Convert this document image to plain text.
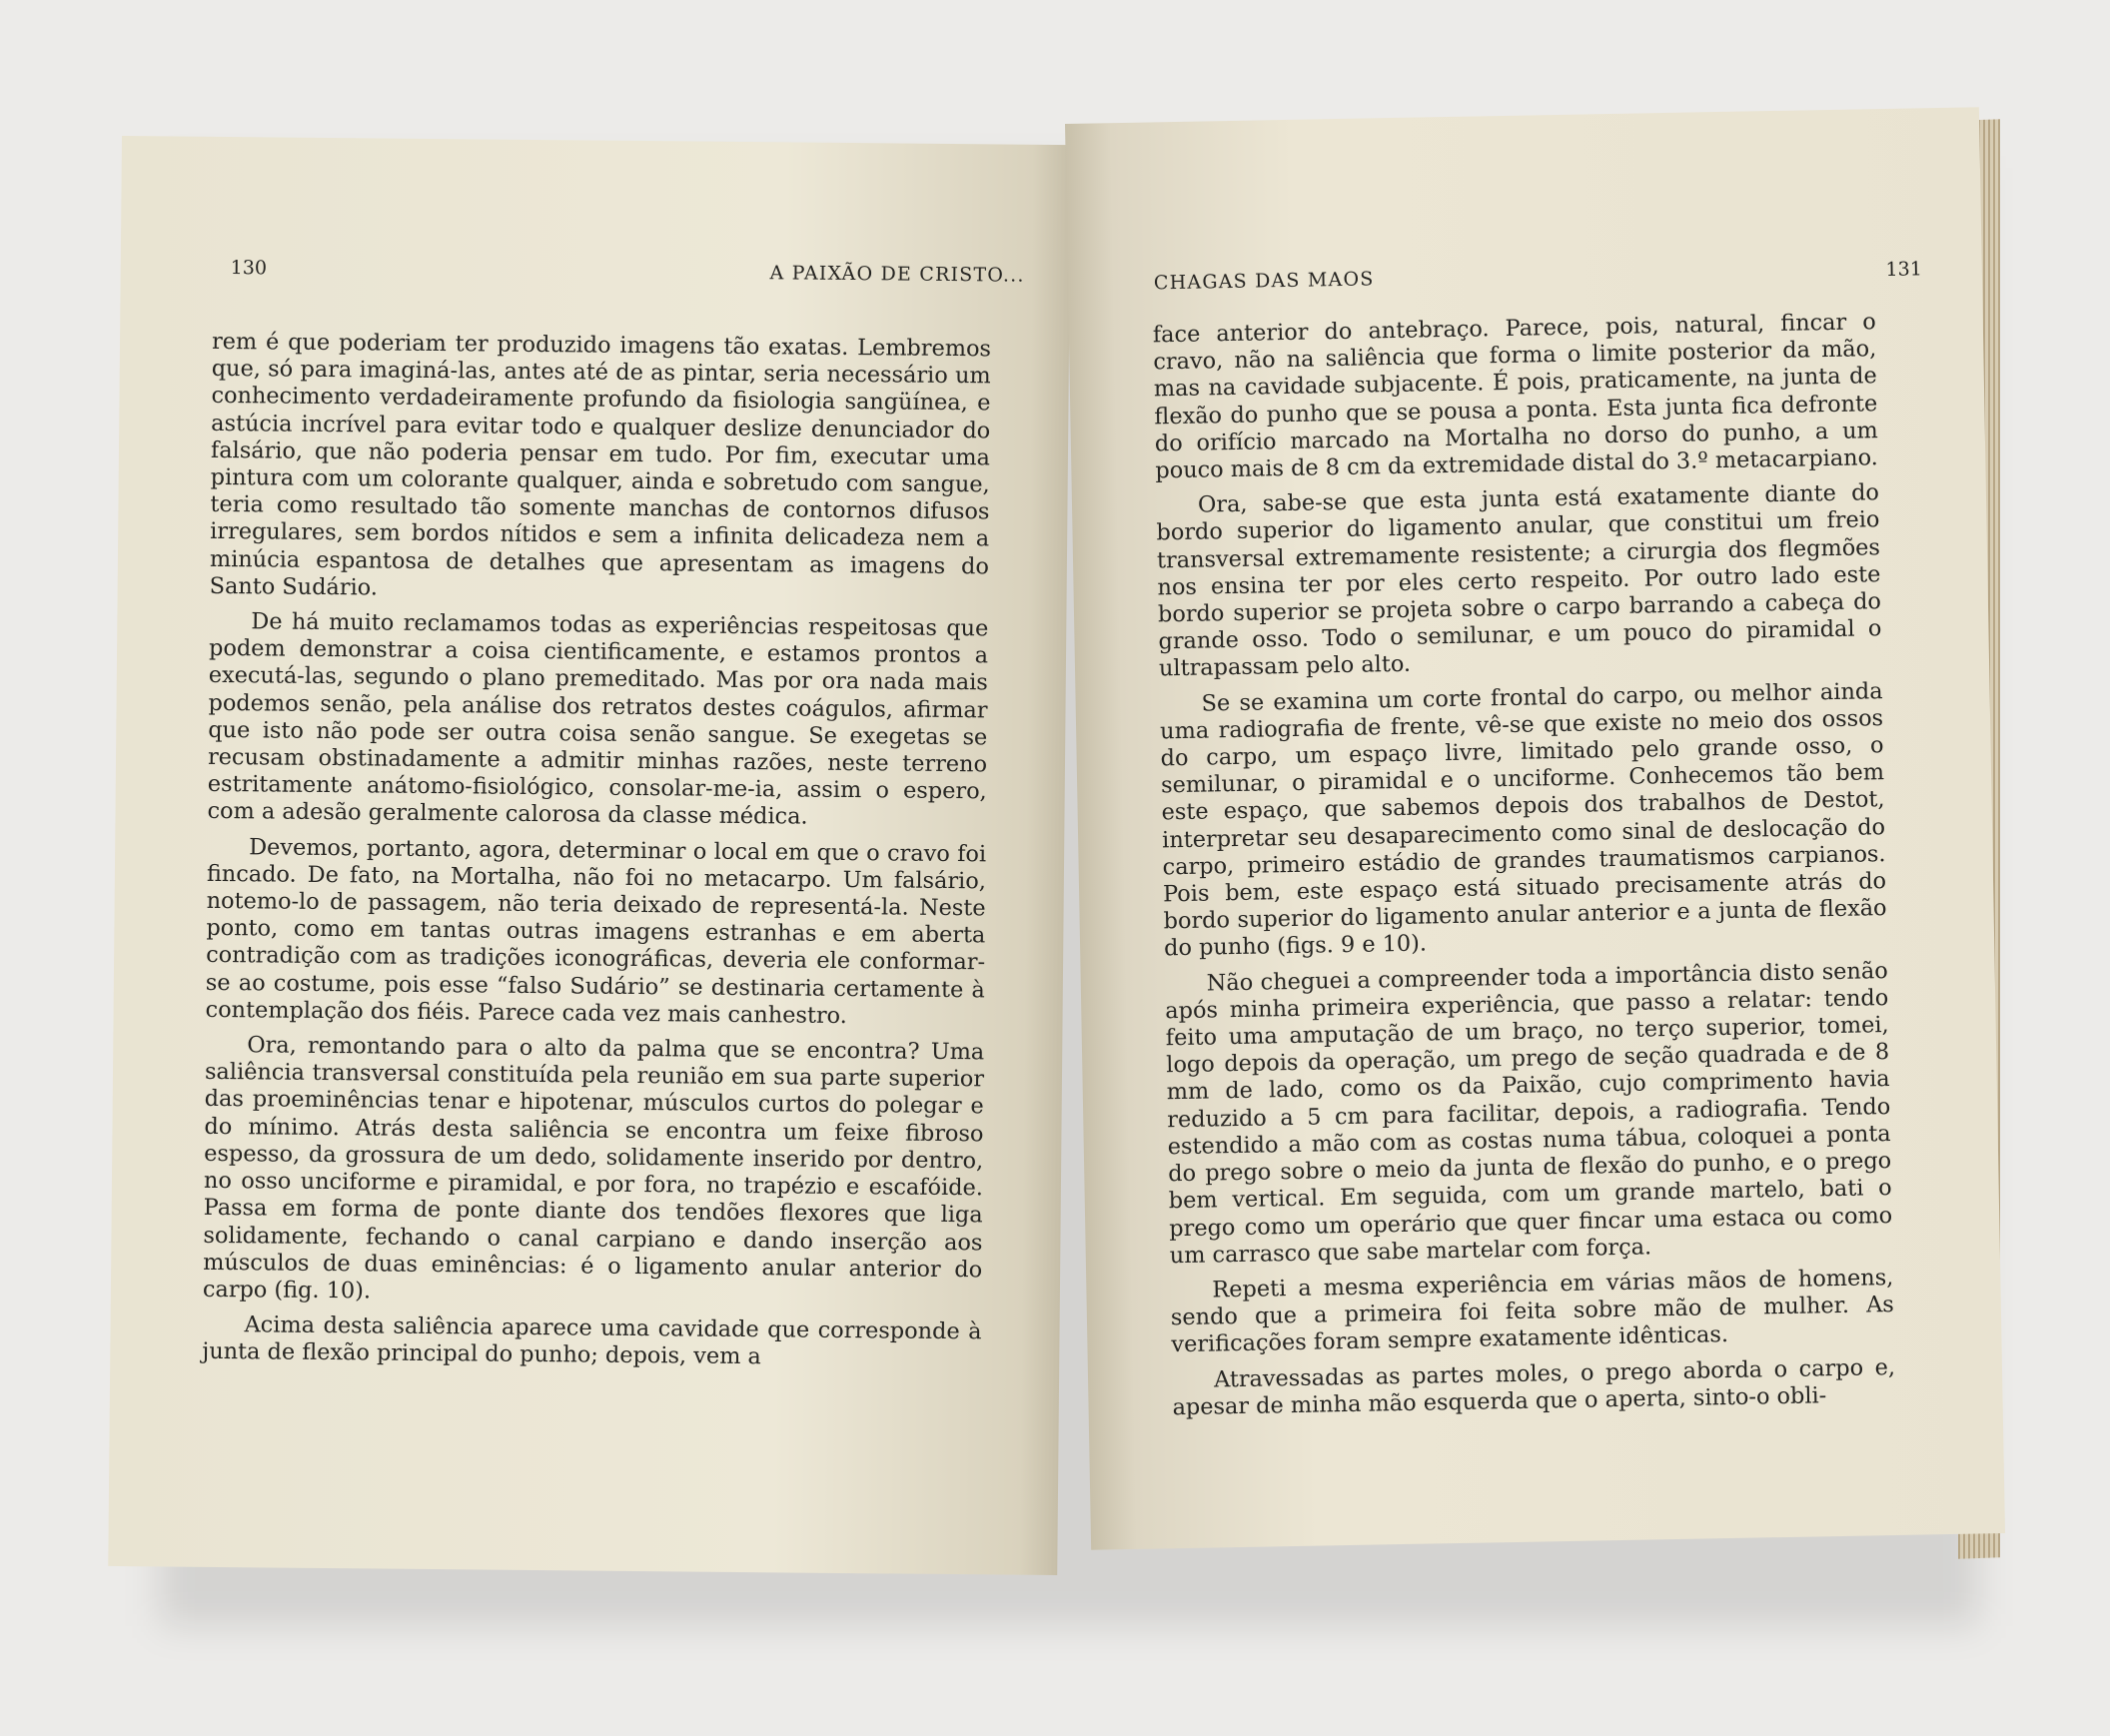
130	A PAIXÃO DE CRISTO...

rem é que poderiam ter produzido imagens tão exatas. Lembremos que, só para imaginá-las, antes até de as pintar, seria necessário um conhecimento verdadeiramente profundo da fisiologia sangüínea, e astúcia incrível para evitar todo e qualquer deslize denunciador do falsário, que não poderia pensar em tudo. Por fim, executar uma pintura com um colorante qualquer, ainda e sobretudo com sangue, teria como resultado tão somente manchas de contornos difusos irregulares, sem bordos nítidos e sem a infinita delicadeza nem a minúcia espantosa de detalhes que apresentam as imagens do Santo Sudário.

De há muito reclamamos todas as experiências respeitosas que podem demonstrar a coisa cientificamente, e estamos prontos a executá-las, segundo o plano premeditado. Mas por ora nada mais podemos senão, pela análise dos retratos destes coágulos, afirmar que isto não pode ser outra coisa senão sangue. Se exegetas se recusam obstinadamente a admitir minhas razões, neste terreno estritamente anátomo-fisiológico, consolar-me-ia, assim o espero, com a adesão geralmente calorosa da classe médica.

Devemos, portanto, agora, determinar o local em que o cravo foi fincado. De fato, na Mortalha, não foi no metacarpo. Um falsário, notemo-lo de passagem, não teria deixado de representá-la. Neste ponto, como em tantas outras imagens estranhas e em aberta contradição com as tradições iconográficas, deveria ele conformar-se ao costume, pois esse “falso Sudário” se destinaria certamente à contemplação dos fiéis. Parece cada vez mais canhestro.

Ora, remontando para o alto da palma que se encontra? Uma saliência transversal constituída pela reunião em sua parte superior das proeminências tenar e hipotenar, músculos curtos do polegar e do mínimo. Atrás desta saliência se encontra um feixe fibroso espesso, da grossura de um dedo, solidamente inserido por dentro, no osso unciforme e piramidal, e por fora, no trapézio e escafóide. Passa em forma de ponte diante dos tendões flexores que liga solidamente, fechando o canal carpiano e dando inserção aos músculos de duas eminências: é o ligamento anular anterior do carpo (fig. 10).

Acima desta saliência aparece uma cavidade que corresponde à junta de flexão principal do punho; depois, vem a

CHAGAS DAS MAOS	131

face anterior do antebraço. Parece, pois, natural, fincar o cravo, não na saliência que forma o limite posterior da mão, mas na cavidade subjacente. É pois, praticamente, na junta de flexão do punho que se pousa a ponta. Esta junta fica defronte do orifício marcado na Mortalha no dorso do punho, a um pouco mais de 8 cm da extremidade distal do 3.º metacarpiano.

Ora, sabe-se que esta junta está exatamente diante do bordo superior do ligamento anular, que constitui um freio transversal extremamente resistente; a cirurgia dos flegmões nos ensina ter por eles certo respeito. Por outro lado este bordo superior se projeta sobre o carpo barrando a cabeça do grande osso. Todo o semilunar, e um pouco do piramidal o ultrapassam pelo alto.

Se se examina um corte frontal do carpo, ou melhor ainda uma radiografia de frente, vê-se que existe no meio dos ossos do carpo, um espaço livre, limitado pelo grande osso, o semilunar, o piramidal e o unciforme. Conhecemos tão bem este espaço, que sabemos depois dos trabalhos de Destot, interpretar seu desaparecimento como sinal de deslocação do carpo, primeiro estádio de grandes traumatismos carpianos. Pois bem, este espaço está situado precisamente atrás do bordo superior do ligamento anular anterior e a junta de flexão do punho (figs. 9 e 10).

Não cheguei a compreender toda a importância disto senão após minha primeira experiência, que passo a relatar: tendo feito uma amputação de um braço, no terço superior, tomei, logo depois da operação, um prego de seção quadrada e de 8 mm de lado, como os da Paixão, cujo comprimento havia reduzido a 5 cm para facilitar, depois, a radiografia. Tendo estendido a mão com as costas numa tábua, coloquei a ponta do prego sobre o meio da junta de flexão do punho, e o prego bem vertical. Em seguida, com um grande martelo, bati o prego como um operário que quer fincar uma estaca ou como um carrasco que sabe martelar com força.

Repeti a mesma experiência em várias mãos de homens, sendo que a primeira foi feita sobre mão de mulher. As verificações foram sempre exatamente idênticas.

Atravessadas as partes moles, o prego aborda o carpo e, apesar de minha mão esquerda que o aperta, sinto-o obli-
